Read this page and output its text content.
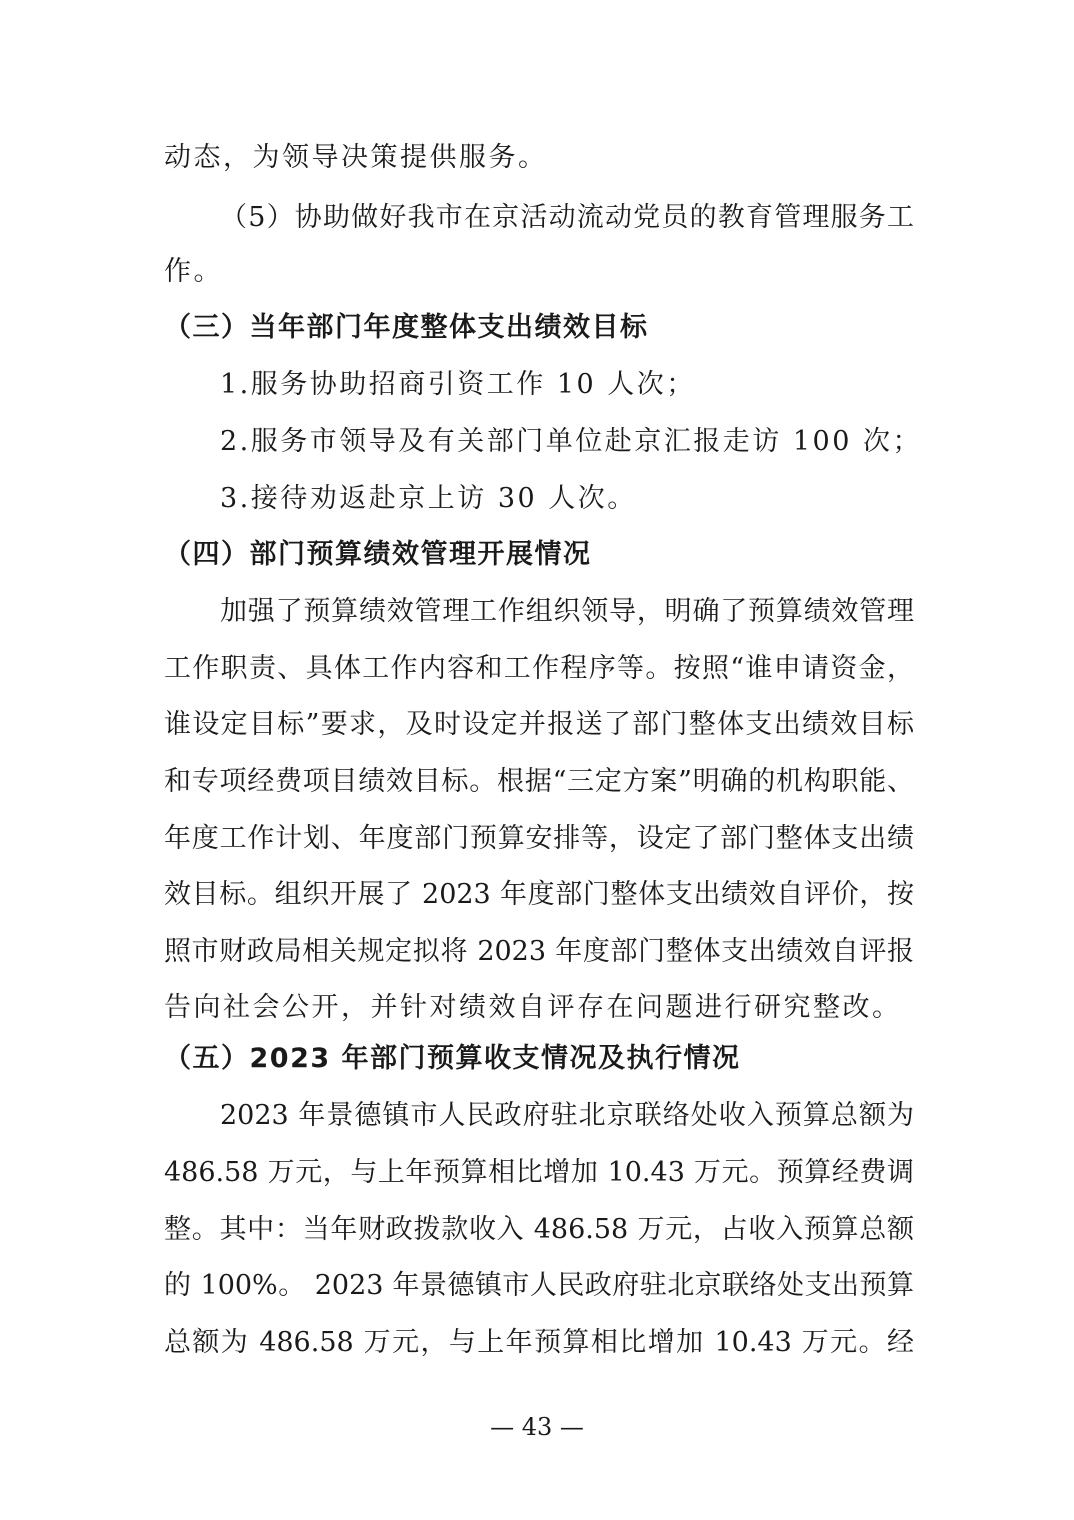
动态，为领导决策提供服务。
（5）协助做好我市在京活动流动党员的教育管理服务工
作。
（三）当年部门年度整体支出绩效目标
1.服务协助招商引资工作 10 人次；
2.服务市领导及有关部门单位赴京汇报走访 100 次；
3.接待劝返赴京上访 30 人次。
（四）部门预算绩效管理开展情况
加强了预算绩效管理工作组织领导，明确了预算绩效管理
工作职责、具体工作内容和工作程序等。按照“谁申请资金，
谁设定目标”要求，及时设定并报送了部门整体支出绩效目标
和专项经费项目绩效目标。根据“三定方案”明确的机构职能、
年度工作计划、年度部门预算安排等，设定了部门整体支出绩
效目标。组织开展了 2023 年度部门整体支出绩效自评价，按
照市财政局相关规定拟将 2023 年度部门整体支出绩效自评报
告向社会公开，并针对绩效自评存在问题进行研究整改。
（五）2023 年部门预算收支情况及执行情况
2023 年景德镇市人民政府驻北京联络处收入预算总额为
486.58 万元，与上年预算相比增加 10.43 万元。预算经费调
整。其中：当年财政拨款收入 486.58 万元，占收入预算总额
的 100%。 2023 年景德镇市人民政府驻北京联络处支出预算
总额为 486.58 万元，与上年预算相比增加 10.43 万元。经
— 43 —
